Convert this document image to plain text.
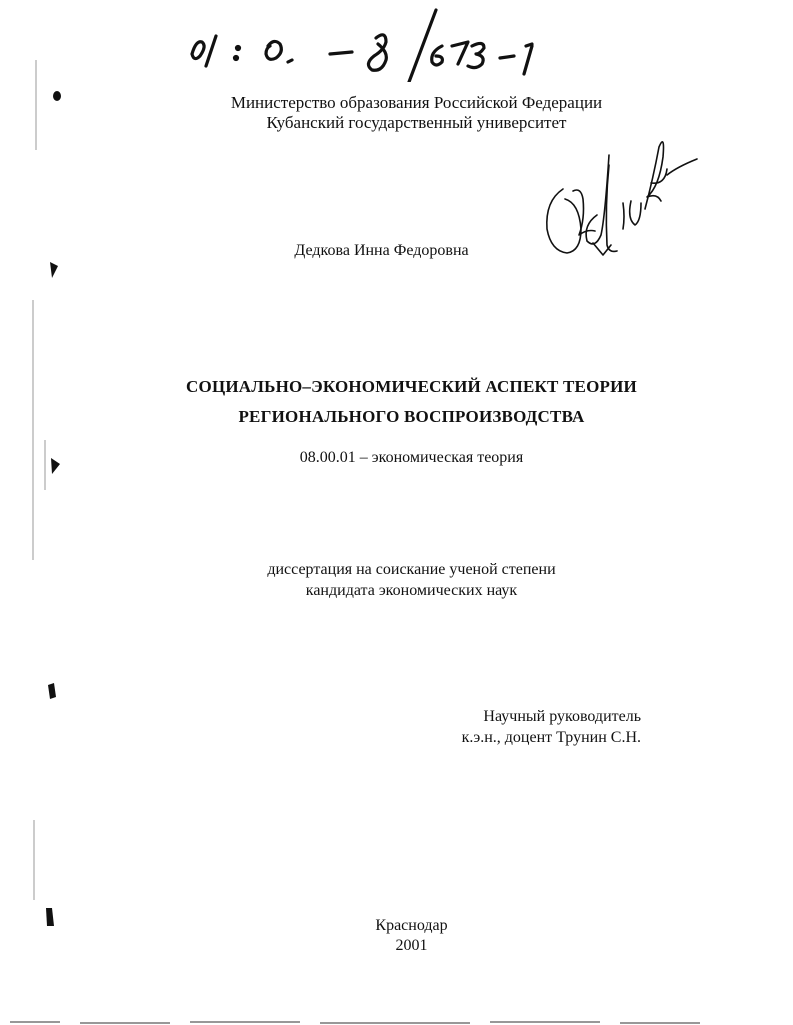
Министерство образования Российской Федерации
Кубанский государственный университет
Дедкова Инна Федоровна
СОЦИАЛЬНО–ЭКОНОМИЧЕСКИЙ АСПЕКТ ТЕОРИИ
РЕГИОНАЛЬНОГО ВОСПРОИЗВОДСТВА
08.00.01 – экономическая теория
диссертация на соискание ученой степени
кандидата экономических наук
Научный руководитель
к.э.н., доцент Трунин С.Н.
Краснодар
2001
